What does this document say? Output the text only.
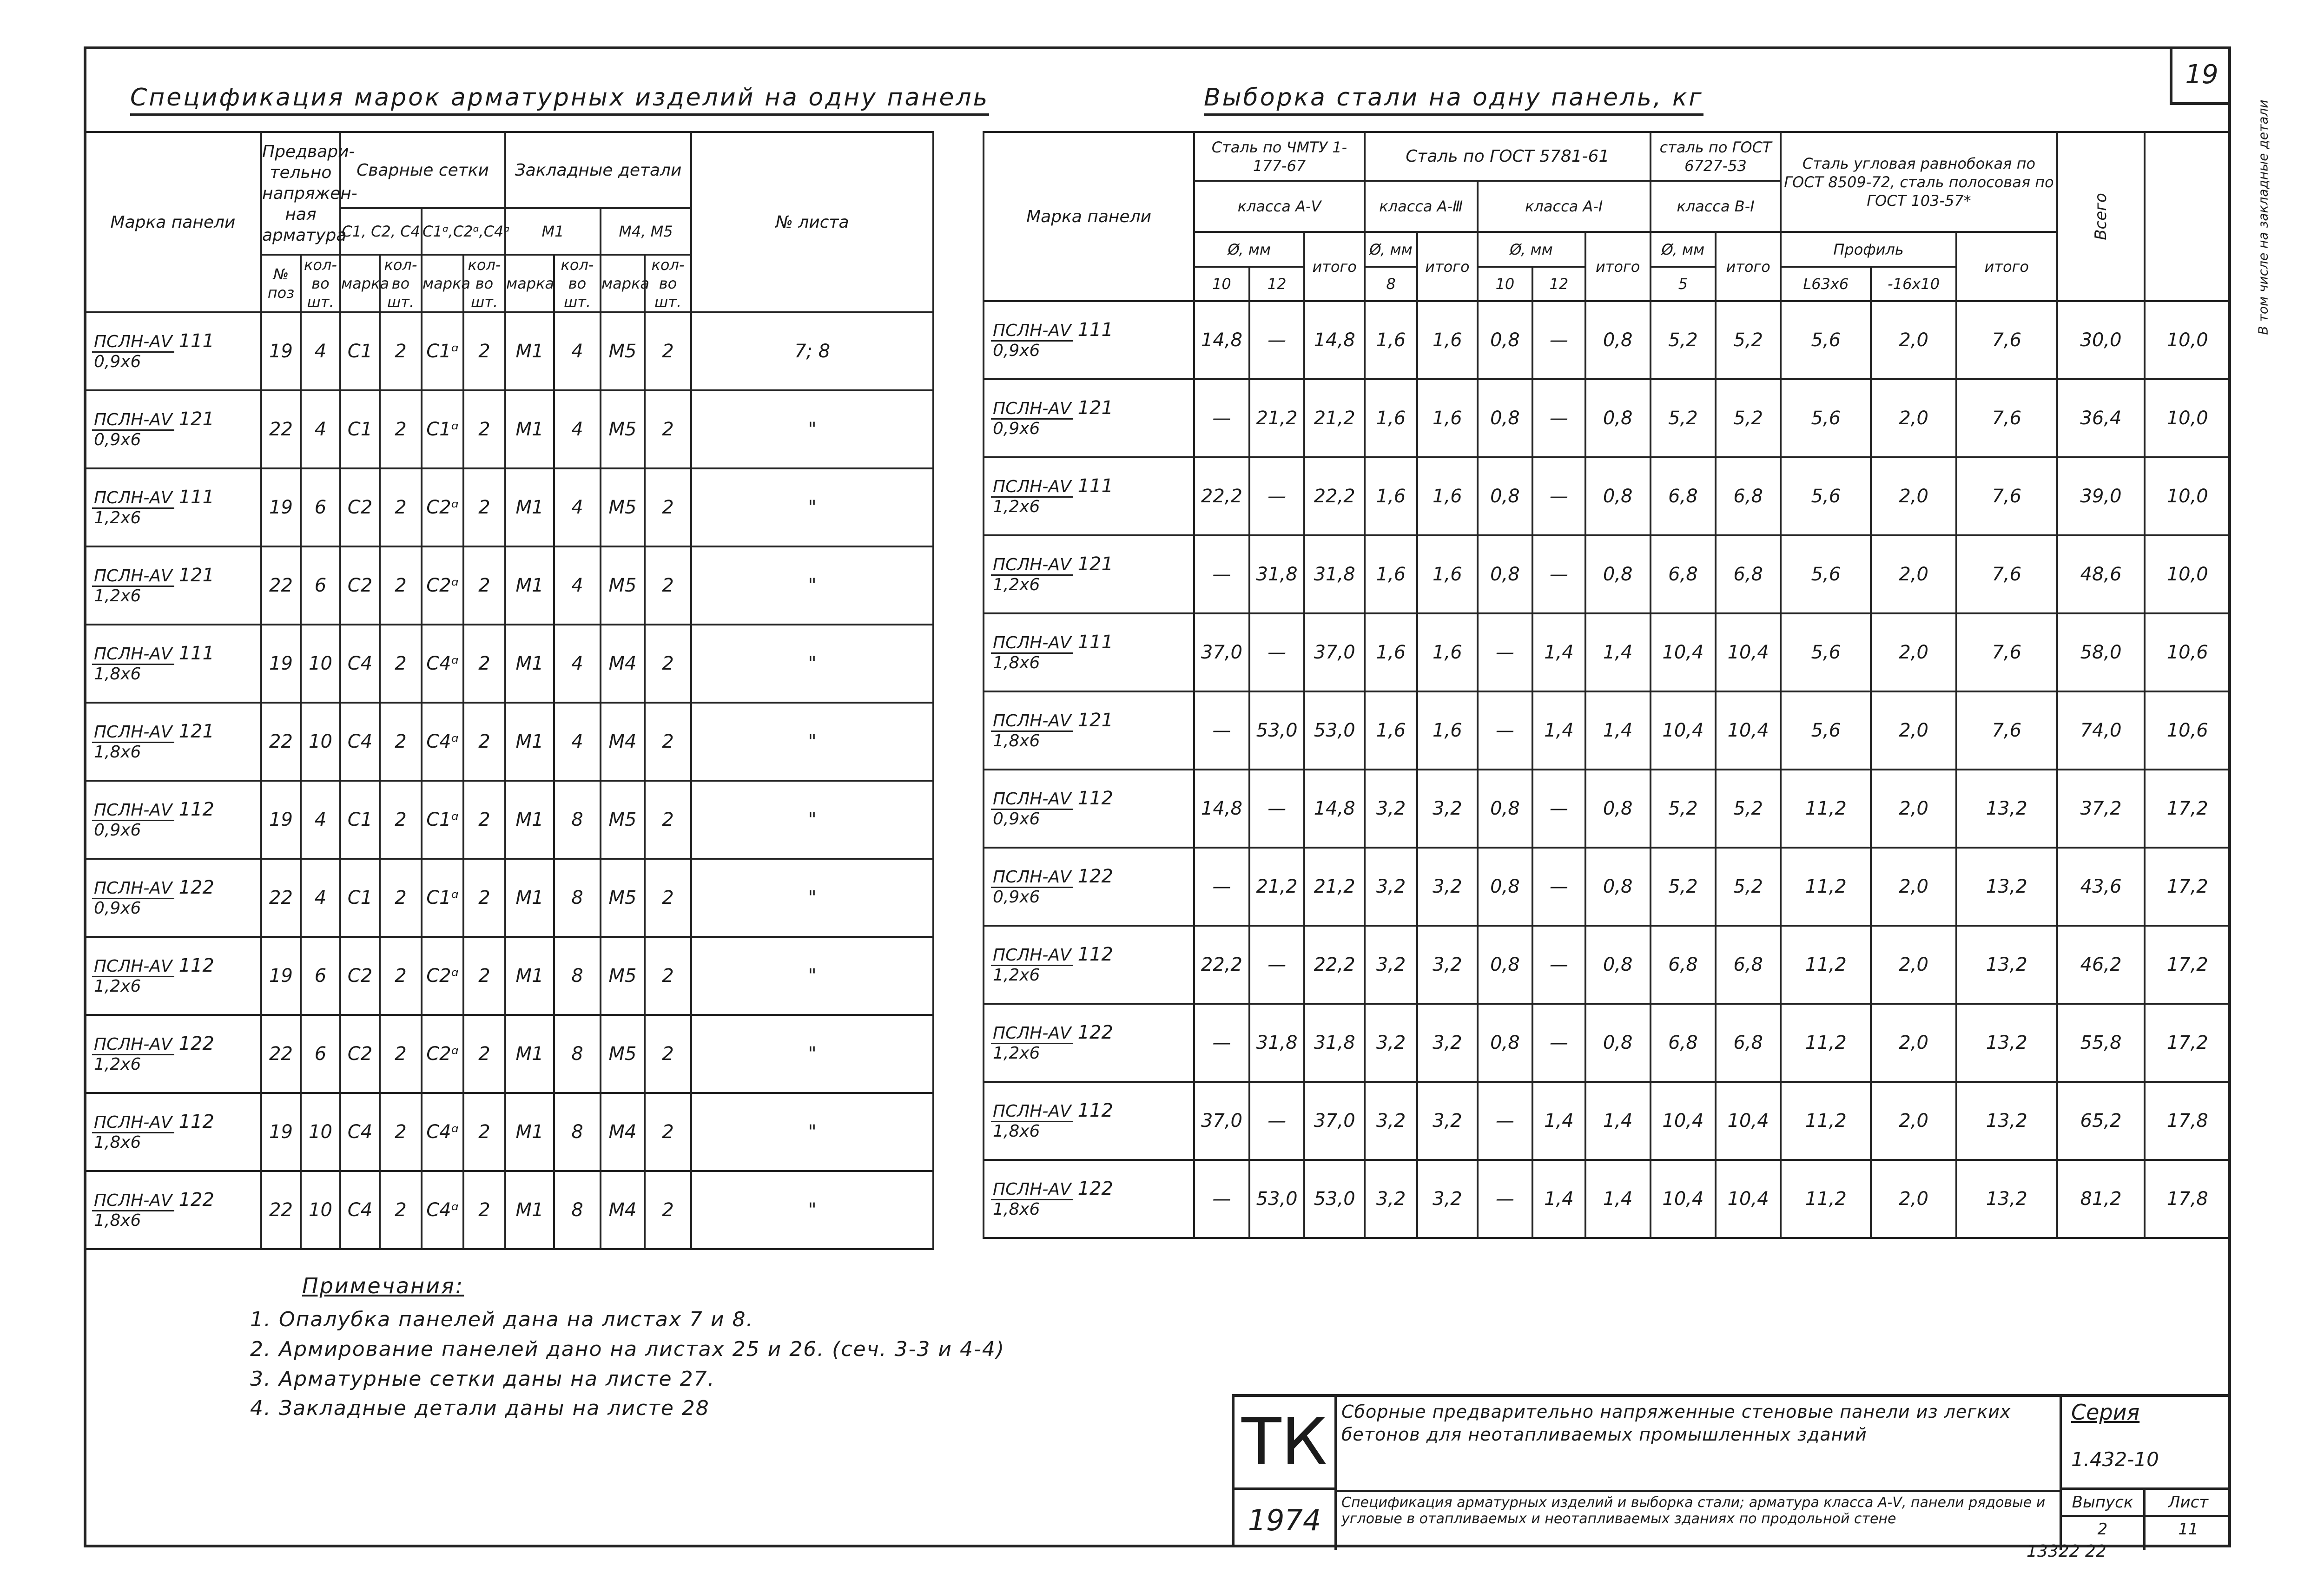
19
Спецификация марок арматурных изделий на одну панель	Выборка стали на одну панель, кг
Марка панели	Предвари-тельно напряжен-ная арматура		Сварные сетки				Закладные детали				№ листа
			С1, С2, С4		С1ᵅ,С2ᵅ,С4ᵅ		М1		М4, М5		
	№ поз	кол-во шт.	марка	кол-во шт.	марка	кол-во шт.	марка	кол-во шт.	марка	кол-во шт.	
ПСЛН-АⅤ 111
0,9х6	19	4	С1	2	С1ᵅ	2	М1	4	М5	2	7; 8
ПСЛН-АⅤ 121
0,9х6	22	4	С1	2	С1ᵅ	2	М1	4	М5	2	"
ПСЛН-АⅤ 111
1,2х6	19	6	С2	2	С2ᵅ	2	М1	4	М5	2	"
ПСЛН-АⅤ 121
1,2х6	22	6	С2	2	С2ᵅ	2	М1	4	М5	2	"
ПСЛН-АⅤ 111
1,8х6	19	10	С4	2	С4ᵅ	2	М1	4	М4	2	"
ПСЛН-АⅤ 121
1,8х6	22	10	С4	2	С4ᵅ	2	М1	4	М4	2	"
ПСЛН-АⅤ 112
0,9х6	19	4	С1	2	С1ᵅ	2	М1	8	М5	2	"
ПСЛН-АⅤ 122
0,9х6	22	4	С1	2	С1ᵅ	2	М1	8	М5	2	"
ПСЛН-АⅤ 112
1,2х6	19	6	С2	2	С2ᵅ	2	М1	8	М5	2	"
ПСЛН-АⅤ 122
1,2х6	22	6	С2	2	С2ᵅ	2	М1	8	М5	2	"
ПСЛН-АⅤ 112
1,8х6	19	10	С4	2	С4ᵅ	2	М1	8	М4	2	"
ПСЛН-АⅤ 122
1,8х6	22	10	С4	2	С4ᵅ	2	М1	8	М4	2	"
Марка панели	Сталь по ЧМТУ 1-177-67			Сталь по ГОСТ 5781-61					сталь по ГОСТ 6727-53		Сталь угловая равнобокая по ГОСТ 8509-72, сталь полосовая по ГОСТ 103-57*			Всего	В том числе на закладные детали
	класса А-Ⅴ			класса А-Ⅲ		класса А-Ⅰ			класса В-Ⅰ						
	Ø, мм		итого	Ø, мм	итого	Ø, мм		итого	Ø, мм	итого	Профиль		итого		
	10	12		8		10	12		5		L63х6	-16х10			
ПСЛН-АⅤ 111
0,9х6	14,8	—	14,8	1,6	1,6	0,8	—	0,8	5,2	5,2	5,6	2,0	7,6	30,0	10,0
ПСЛН-АⅤ 121
0,9х6	—	21,2	21,2	1,6	1,6	0,8	—	0,8	5,2	5,2	5,6	2,0	7,6	36,4	10,0
ПСЛН-АⅤ 111
1,2х6	22,2	—	22,2	1,6	1,6	0,8	—	0,8	6,8	6,8	5,6	2,0	7,6	39,0	10,0
ПСЛН-АⅤ 121
1,2х6	—	31,8	31,8	1,6	1,6	0,8	—	0,8	6,8	6,8	5,6	2,0	7,6	48,6	10,0
ПСЛН-АⅤ 111
1,8х6	37,0	—	37,0	1,6	1,6	—	1,4	1,4	10,4	10,4	5,6	2,0	7,6	58,0	10,6
ПСЛН-АⅤ 121
1,8х6	—	53,0	53,0	1,6	1,6	—	1,4	1,4	10,4	10,4	5,6	2,0	7,6	74,0	10,6
ПСЛН-АⅤ 112
0,9х6	14,8	—	14,8	3,2	3,2	0,8	—	0,8	5,2	5,2	11,2	2,0	13,2	37,2	17,2
ПСЛН-АⅤ 122
0,9х6	—	21,2	21,2	3,2	3,2	0,8	—	0,8	5,2	5,2	11,2	2,0	13,2	43,6	17,2
ПСЛН-АⅤ 112
1,2х6	22,2	—	22,2	3,2	3,2	0,8	—	0,8	6,8	6,8	11,2	2,0	13,2	46,2	17,2
ПСЛН-АⅤ 122
1,2х6	—	31,8	31,8	3,2	3,2	0,8	—	0,8	6,8	6,8	11,2	2,0	13,2	55,8	17,2
ПСЛН-АⅤ 112
1,8х6	37,0	—	37,0	3,2	3,2	—	1,4	1,4	10,4	10,4	11,2	2,0	13,2	65,2	17,8
ПСЛН-АⅤ 122
1,8х6	—	53,0	53,0	3,2	3,2	—	1,4	1,4	10,4	10,4	11,2	2,0	13,2	81,2	17,8
Примечания:
1. Опалубка панелей дана на листах 7 и 8.
2. Армирование панелей дано на листах 25 и 26. (сеч. 3-3 и 4-4)
3. Арматурные сетки даны на листе 27.
4. Закладные детали даны на листе 28	ТК
1974
Сборные предварительно напряженные стеновые панели из легких бетонов для неотапливаемых промышленных зданий
Спецификация арматурных изделий и выборка стали; арматура класса А-Ⅴ, панели рядовые и угловые в отапливаемых и неотапливаемых зданиях по продольной стене
Серия
1.432-10
Выпуск
2
Лист
11
13322 22
